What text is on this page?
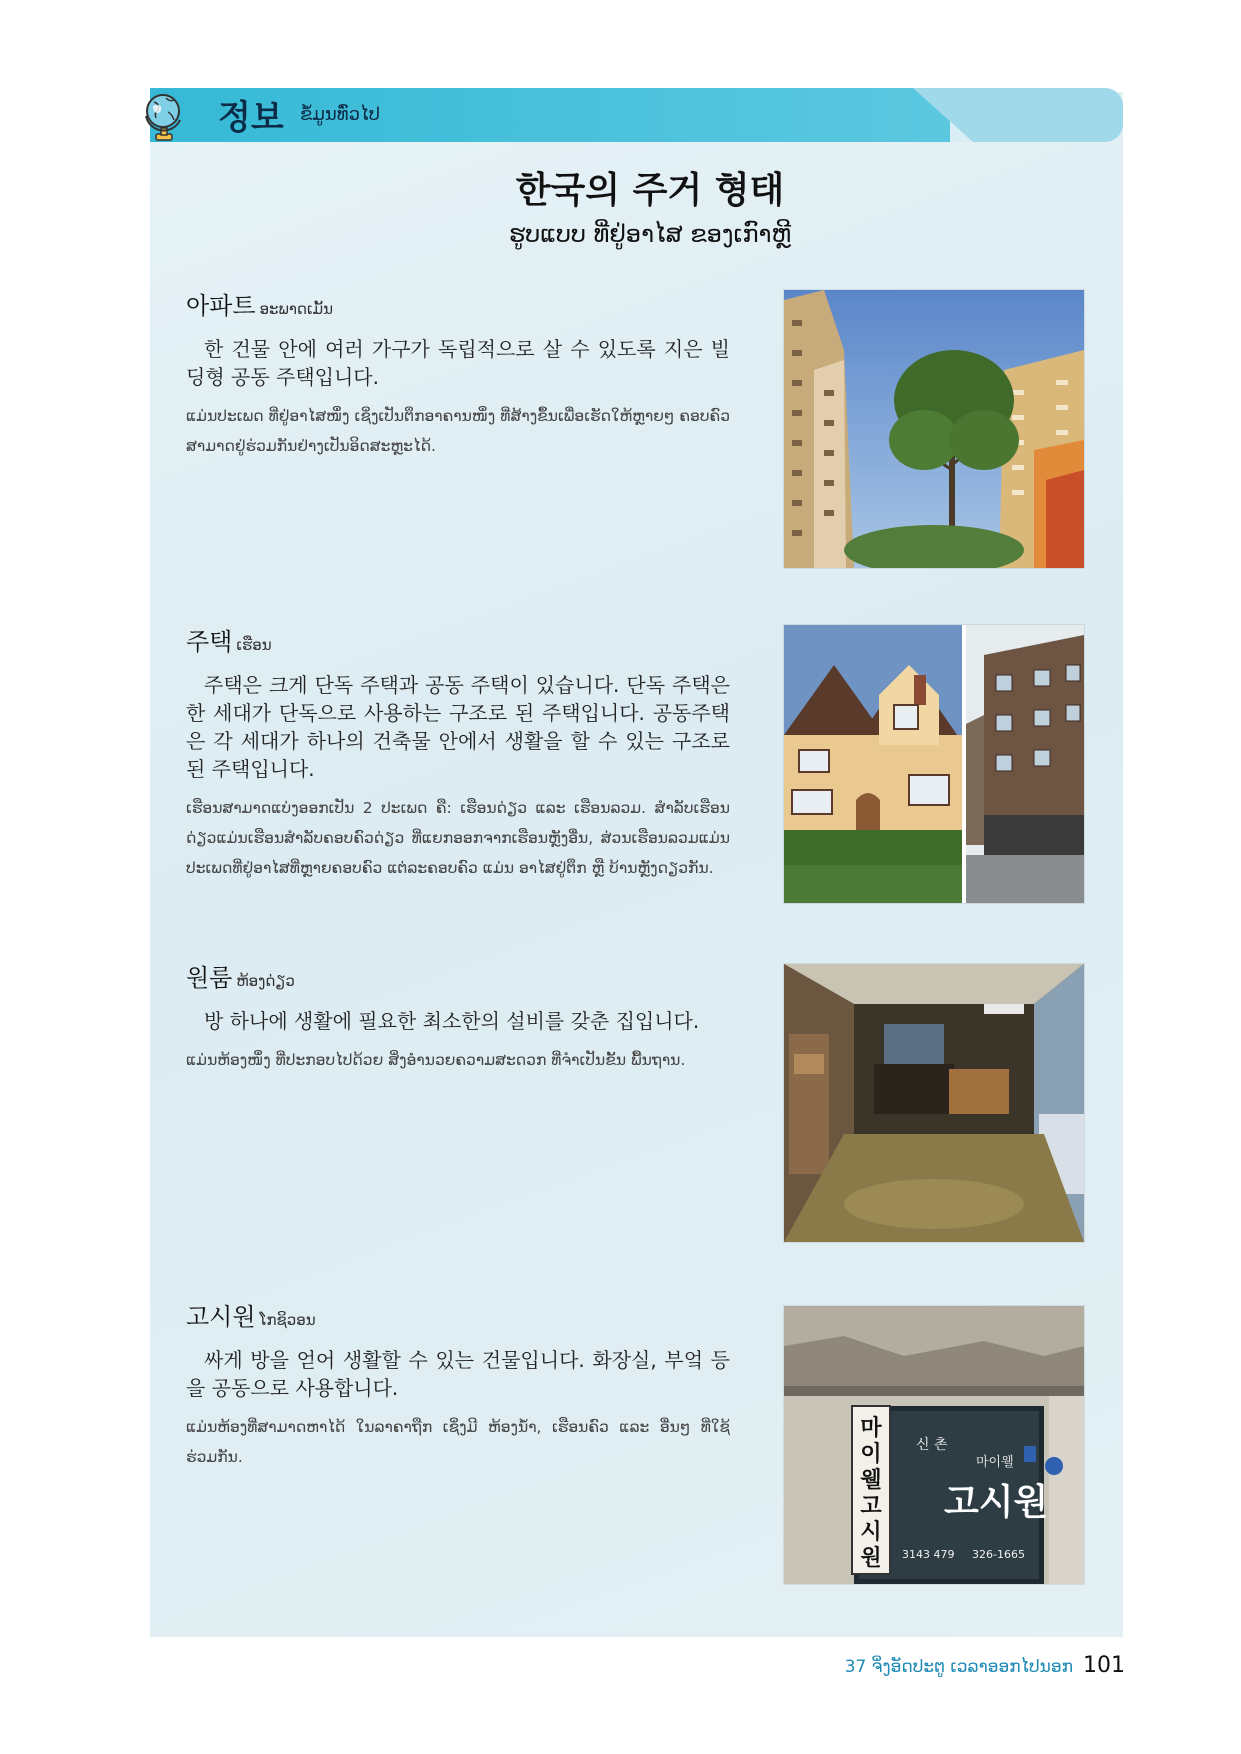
정보 ຂໍ້ມູນທົ່ວໄປ
한국의 주거 형태
ຮູບແບບ ທີ່ຢູ່ອາໄສ ຂອງເກົາຫຼີ
아파트 ອະພາດເມັ້ນ
한 건물 안에 여러 가구가 독립적으로 살 수 있도록 지은 빌딩형 공동 주택입니다.
ແມ່ນປະເພດ ທີ່ຢູ່ອາໄສໜຶ່ງ ເຊິ່ງເປັນຕຶກອາຄານໜຶ່ງ ທີ່ສ້າງຂຶ້ນເພື່ອເຮັດໃຫ້ຫຼາຍໆ ຄອບຄົວສາມາດຢູ່ຮ່ວມກັນຢ່າງເປັນອິດສະຫຼະໄດ້.
주택 ເຮືອນ
주택은 크게 단독 주택과 공동 주택이 있습니다. 단독 주택은 한 세대가 단독으로 사용하는 구조로 된 주택입니다. 공동주택은 각 세대가 하나의 건축물 안에서 생활을 할 수 있는 구조로 된 주택입니다.
ເຮືອນສາມາດແບ່ງອອກເປັນ 2 ປະເພດ ຄື: ເຮືອນດ່ຽວ ແລະ ເຮືອນລວມ. ສຳລັບເຮືອນດ່ຽວແມ່ນເຮືອນສຳລັບຄອບຄົວດ່ຽວ ທີ່ແຍກອອກຈາກເຮືອນຫຼັງອື່ນ, ສ່ວນເຮືອນລວມແມ່ນປະເພດທີ່ຢູ່ອາໄສທີ່ຫຼາຍຄອບຄົວ ແຕ່ລະຄອບຄົວ ແມ່ນ ອາໄສຢູ່ຕຶກ ຫຼື ບ້ານຫຼັງດຽວກັນ.
원룸 ຫ້ອງດ່ຽວ
방 하나에 생활에 필요한 최소한의 설비를 갖춘 집입니다.
ແມ່ນຫ້ອງໜຶ່ງ ທີ່ປະກອບໄປດ້ວຍ ສິ່ງອຳນວຍຄວາມສະດວກ ທີ່ຈຳເປັນຂັ້ນ ພື້ນຖານ.
고시원 ໂກຊິວອນ
싸게 방을 얻어 생활할 수 있는 건물입니다. 화장실, 부엌 등을 공동으로 사용합니다.
ແມ່ນຫ້ອງທີ່ສາມາດຫາໄດ້ ໃນລາຄາຖືກ ເຊິ່ງມີ ຫ້ອງນ້ຳ, ເຮືອນຄົວ ແລະ ອື່ນໆ ທີ່ໃຊ້ຮ່ວມກັນ.
마이웰 고시원
신 촌
마이웰
고시원
3143 479 326-1665
37 ຈິ່ງອັດປະຕູ ເວລາອອກໄປນອກ 101
